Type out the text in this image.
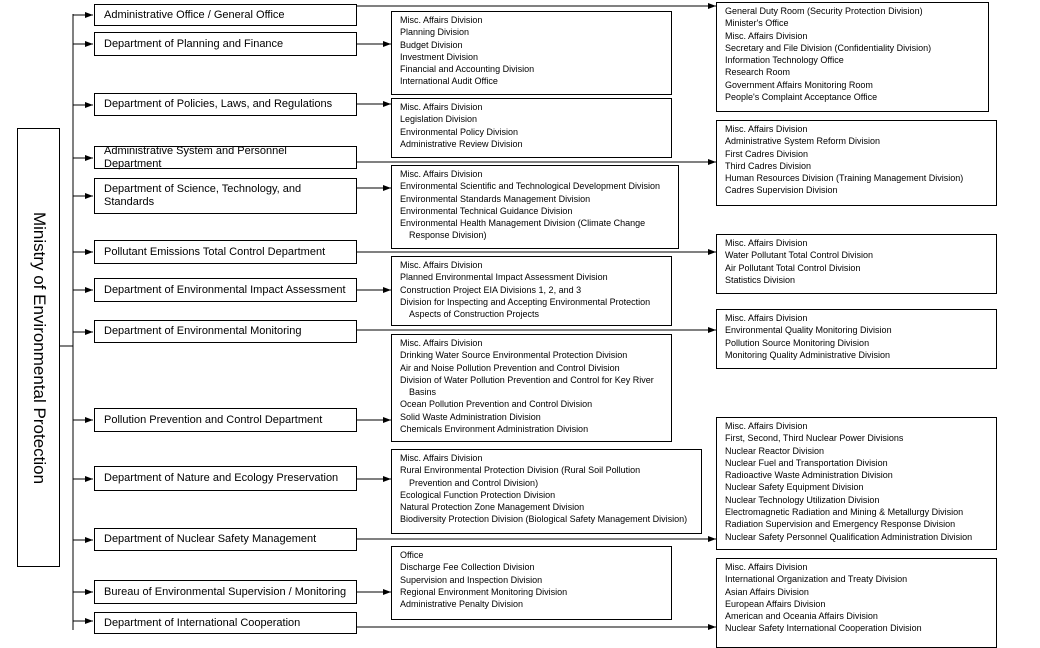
Ministry of Environmental Protection
Administrative Office / General Office
Department of Planning and Finance
Department of Policies, Laws, and Regulations
Administrative System and Personnel Department
Department of Science, Technology, and Standards
Pollutant Emissions Total Control Department
Department of Environmental Impact Assessment
Department of Environmental Monitoring
Pollution Prevention and Control Department
Department of Nature and Ecology Preservation
Department of Nuclear Safety Management
Bureau of Environmental Supervision / Monitoring
Department of International Cooperation
General Duty Room (Security Protection Division)
Minister's Office
Misc. Affairs Division
Secretary and File Division (Confidentiality Division)
Information Technology Office
Research Room
Government Affairs Monitoring Room
People's Complaint Acceptance Office
Misc. Affairs Division
Planning Division
Budget Division
Investment Division
Financial and Accounting Division
International Audit Office
Misc. Affairs Division
Legislation Division
Environmental Policy Division
Administrative Review Division
Misc. Affairs Division
Administrative System Reform Division
First Cadres Division
Third Cadres Division
Human Resources Division (Training Management Division)
Cadres Supervision Division
Misc. Affairs Division
Environmental Scientific and Technological Development Division
Environmental Standards Management Division
Environmental Technical Guidance Division
Environmental Health Management Division (Climate Change
Response Division)
Misc. Affairs Division
Water Pollutant Total Control Division
Air Pollutant Total Control Division
Statistics Division
Misc. Affairs Division
Planned Environmental Impact Assessment Division
Construction Project EIA Divisions 1, 2, and 3
Division for Inspecting and Accepting Environmental Protection
Aspects of Construction Projects	Misc. Affairs Division
Environmental Quality Monitoring Division
Pollution Source Monitoring Division
Monitoring Quality Administrative Division
Misc. Affairs Division
Drinking Water Source Environmental Protection Division
Air and Noise Pollution Prevention and Control Division
Division of Water Pollution Prevention and Control for Key River
Basins
Ocean Pollution Prevention and Control Division
Solid Waste Administration Division
Chemicals Environment Administration Division
Misc. Affairs Division
Rural Environmental Protection Division (Rural Soil Pollution
Prevention and Control Division)
Ecological Function Protection Division
Natural Protection Zone Management Division
Biodiversity Protection Division (Biological Safety Management Division)
Misc. Affairs Division
First, Second, Third Nuclear Power Divisions
Nuclear Reactor Division
Nuclear Fuel and Transportation Division
Radioactive Waste Administration Division
Nuclear Safety Equipment Division
Nuclear Technology Utilization Division
Electromagnetic Radiation and Mining & Metallurgy Division
Radiation Supervision and Emergency Response Division
Nuclear Safety Personnel Qualification Administration Division
Office
Discharge Fee Collection Division
Supervision and Inspection Division
Regional Environment Monitoring Division
Administrative Penalty Division
Misc. Affairs Division
International Organization and Treaty Division
Asian Affairs Division
European Affairs Division
American and Oceania Affairs Division
Nuclear Safety International Cooperation Division
